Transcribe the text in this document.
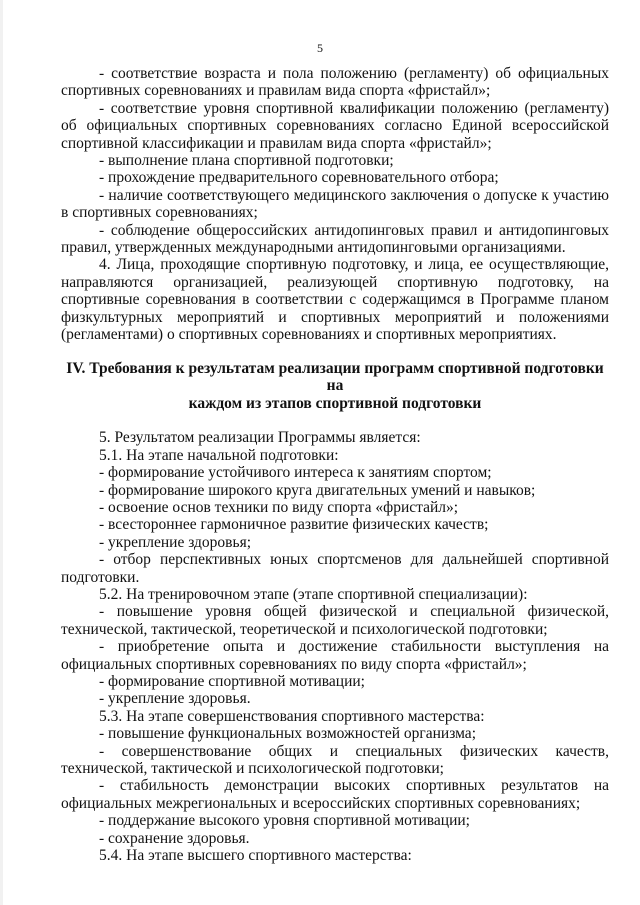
5

- соответствие возраста и пола положению (регламенту) об официальных спортивных соревнованиях и правилам вида спорта «фристайл»;

- соответствие уровня спортивной квалификации положению (регламенту) об официальных спортивных соревнованиях согласно Единой всероссийской спортивной классификации и правилам вида спорта «фристайл»;

- выполнение плана спортивной подготовки;

- прохождение предварительного соревновательного отбора;

- наличие соответствующего медицинского заключения о допуске к участию в спортивных соревнованиях;

- соблюдение общероссийских антидопинговых правил и антидопинговых правил, утвержденных международными антидопинговыми организациями.

4. Лица, проходящие спортивную подготовку, и лица, ее осуществляющие, направляются организацией, реализующей спортивную подготовку, на спортивные соревнования в соответствии с содержащимся в Программе планом физкультурных мероприятий и спортивных мероприятий и положениями (регламентами) о спортивных соревнованиях и спортивных мероприятиях.

IV. Требования к результатам реализации программ спортивной подготовки на
каждом из этапов спортивной подготовки

5. Результатом реализации Программы является:

5.1. На этапе начальной подготовки:

- формирование устойчивого интереса к занятиям спортом;

- формирование широкого круга двигательных умений и навыков;

- освоение основ техники по виду спорта «фристайл»;

- всестороннее гармоничное развитие физических качеств;

- укрепление здоровья;

- отбор перспективных юных спортсменов для дальнейшей спортивной подготовки.

5.2. На тренировочном этапе (этапе спортивной специализации):

- повышение уровня общей физической и специальной физической, технической, тактической, теоретической и психологической подготовки;

- приобретение опыта и достижение стабильности выступления на официальных спортивных соревнованиях по виду спорта «фристайл»;

- формирование спортивной мотивации;

- укрепление здоровья.

5.3. На этапе совершенствования спортивного мастерства:

- повышение функциональных возможностей организма;

- совершенствование общих и специальных физических качеств, технической, тактической и психологической подготовки;

- стабильность демонстрации высоких спортивных результатов на официальных межрегиональных и всероссийских спортивных соревнованиях;

- поддержание высокого уровня спортивной мотивации;

- сохранение здоровья.

5.4. На этапе высшего спортивного мастерства:
